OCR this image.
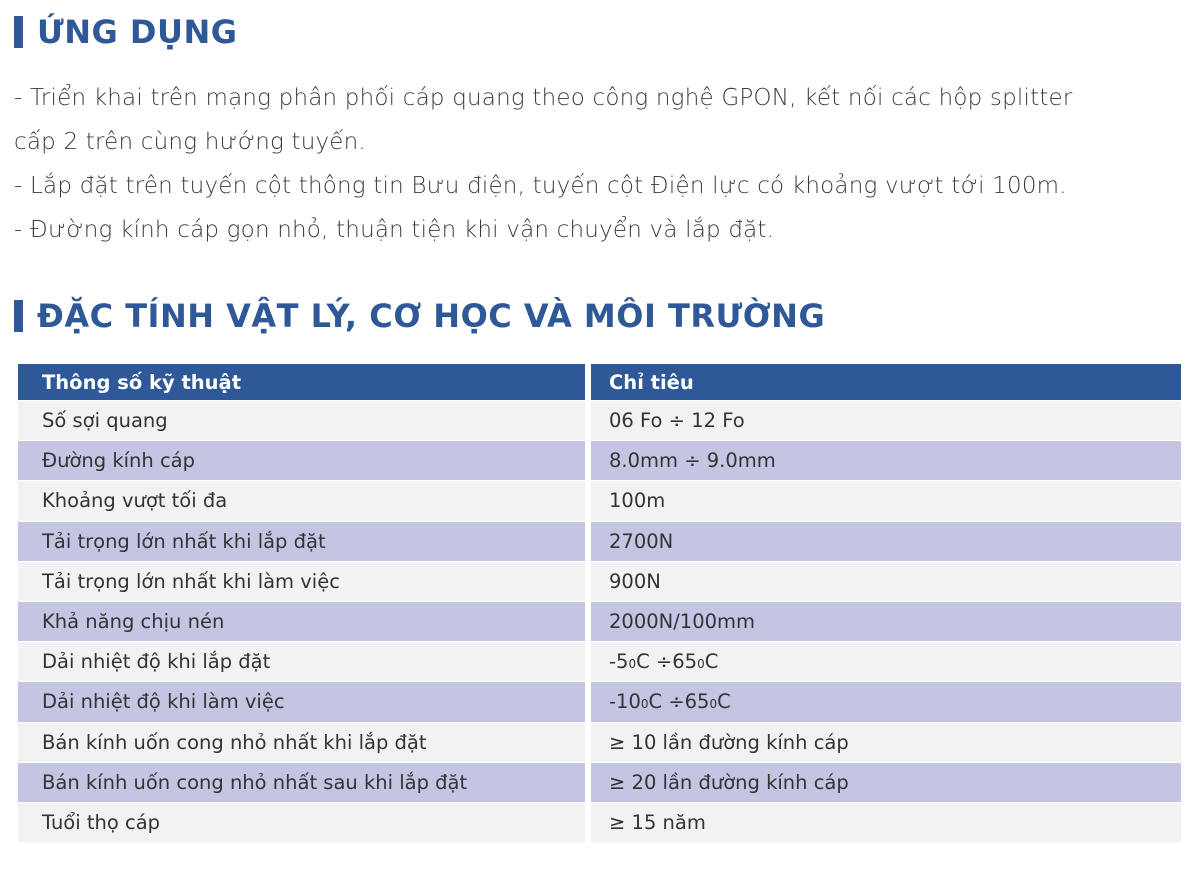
ỨNG DỤNG

- Triển khai trên mạng phân phối cáp quang theo công nghệ GPON, kết nối các hộp splitter

cấp 2 trên cùng hướng tuyến.

- Lắp đặt trên tuyến cột thông tin Bưu điện, tuyến cột Điện lực có khoảng vượt tới 100m.

- Đường kính cáp gọn nhỏ, thuận tiện khi vận chuyển và lắp đặt.

ĐẶC TÍNH VẬT LÝ, CƠ HỌC VÀ MÔI TRƯỜNG
Thông số kỹ thuật	Chỉ tiêu
Số sợi quang	06 Fo ÷ 12 Fo
Đường kính cáp	8.0mm ÷ 9.0mm
Khoảng vượt tối đa	100m
Tải trọng lớn nhất khi lắp đặt	2700N
Tải trọng lớn nhất khi làm việc	900N
Khả năng chịu nén	2000N/100mm
Dải nhiệt độ khi lắp đặt	$-5^0$ $C \div 65^0$ C
Dải nhiệt độ khi làm việc	$-10^0$ $C \div 65^0$ C
Bán kính uốn cong nhỏ nhất khi lắp đặt	≥ 10 lần đường kính cáp
Bán kính uốn cong nhỏ nhất sau khi lắp đặt	≥ 20 lần đường kính cáp
Tuổi thọ cáp	≥ 15 năm
